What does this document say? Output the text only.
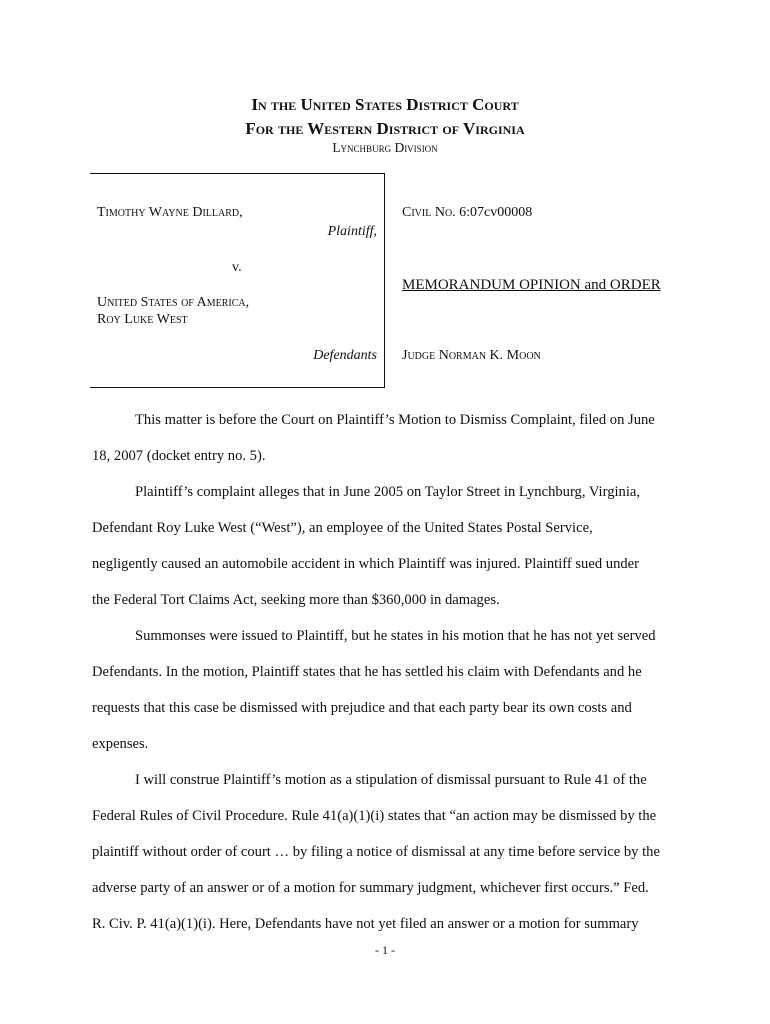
In the United States District Court
For the Western District of Virginia
Lynchburg Division
Timothy Wayne Dillard,
Plaintiff,
v.
United States of America,
Roy Luke West
Defendants
Civil No. 6:07cv00008
MEMORANDUM OPINION and ORDER
Judge Norman K. Moon
This matter is before the Court on Plaintiff’s Motion to Dismiss Complaint, filed on June
18, 2007 (docket entry no. 5).
Plaintiff’s complaint alleges that in June 2005 on Taylor Street in Lynchburg, Virginia,
Defendant Roy Luke West (“West”), an employee of the United States Postal Service,
negligently caused an automobile accident in which Plaintiff was injured. Plaintiff sued under
the Federal Tort Claims Act, seeking more than $360,000 in damages.
Summonses were issued to Plaintiff, but he states in his motion that he has not yet served
Defendants. In the motion, Plaintiff states that he has settled his claim with Defendants and he
requests that this case be dismissed with prejudice and that each party bear its own costs and
expenses.
I will construe Plaintiff’s motion as a stipulation of dismissal pursuant to Rule 41 of the
Federal Rules of Civil Procedure. Rule 41(a)(1)(i) states that “an action may be dismissed by the
plaintiff without order of court … by filing a notice of dismissal at any time before service by the
adverse party of an answer or of a motion for summary judgment, whichever first occurs.” Fed.
R. Civ. P. 41(a)(1)(i). Here, Defendants have not yet filed an answer or a motion for summary
- 1 -
